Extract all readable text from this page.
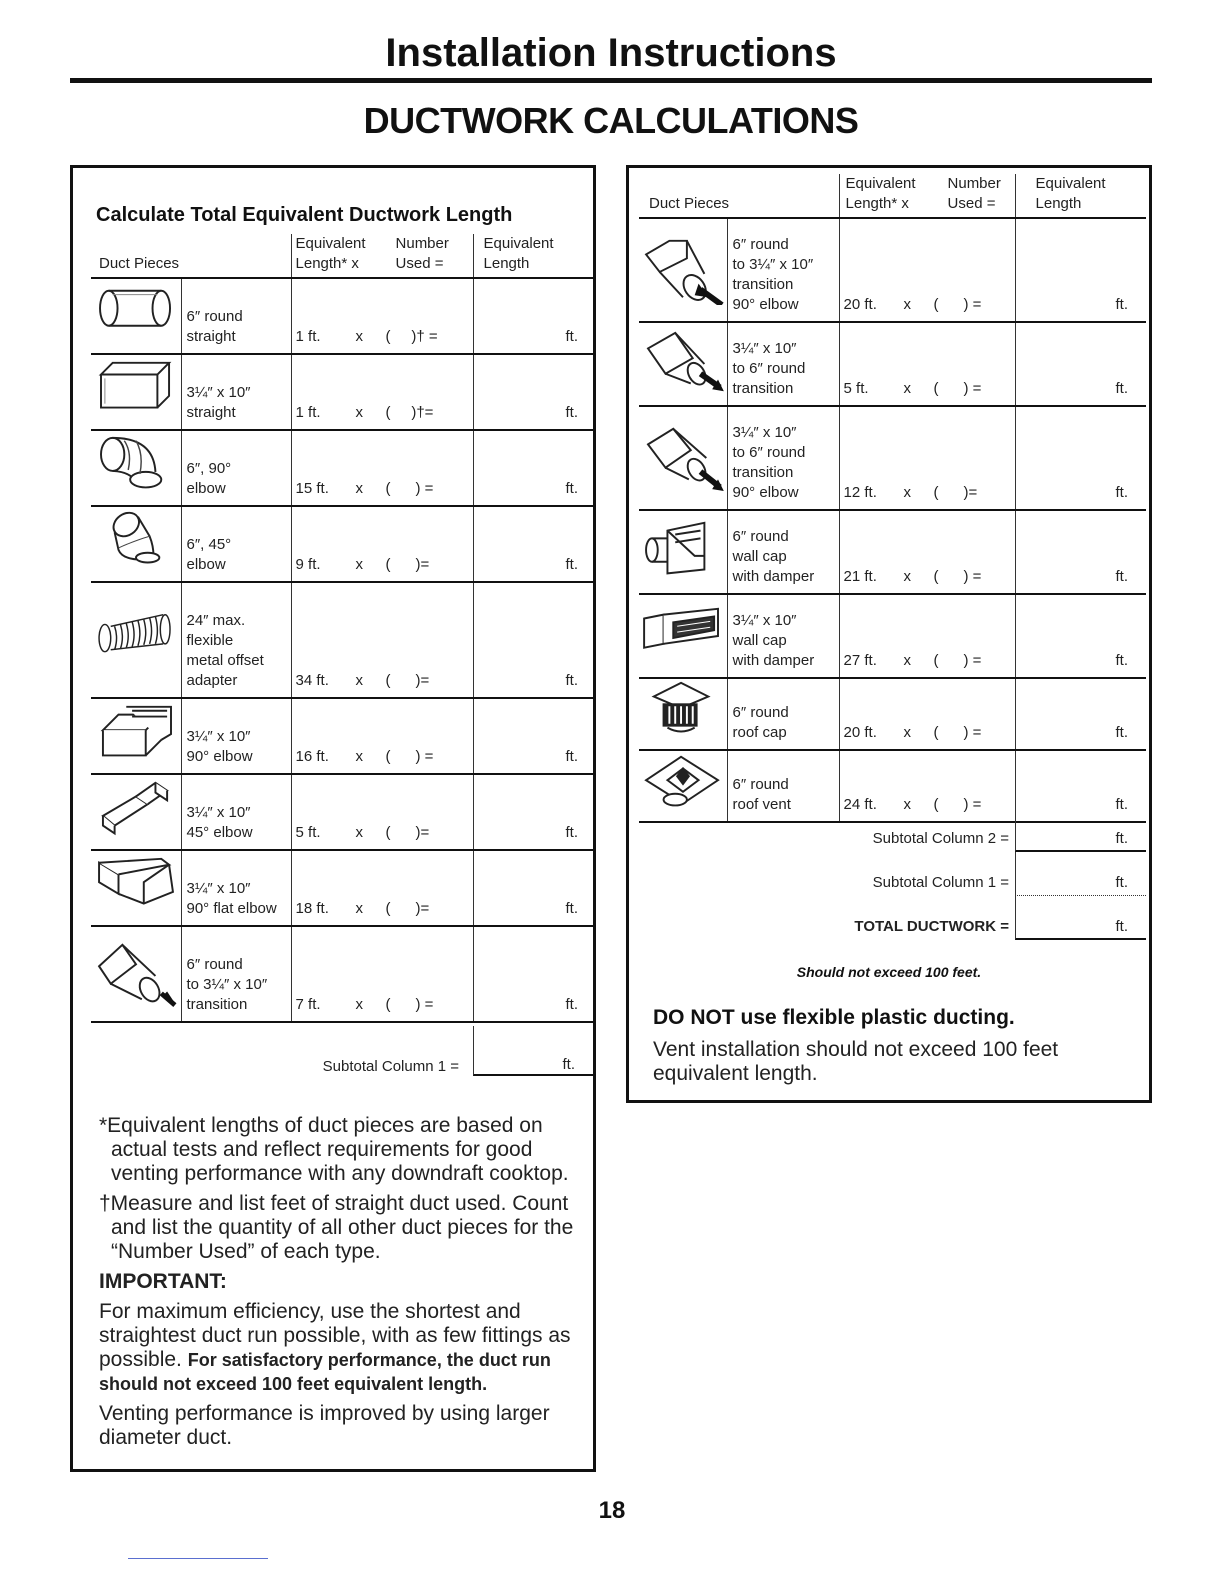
Installation Instructions
DUCTWORK CALCULATIONS
Calculate Total Equivalent Ductwork Length
Duct Pieces		Equivalent Number
Length* x Used =	Equivalent
Length

6″ round
straight	1 ft. x (     )† =	ft.

3¼″ x 10″
straight	1 ft. x (     )†=	ft.

6″, 90°
elbow	15 ft. x (      ) =	ft.

6″, 45°
elbow	9 ft. x (      )=	ft.

24″ max.
flexible
metal offset
adapter	34 ft. x (      )=	ft.

3¼″ x 10″
90° elbow	16 ft. x (      ) =	ft.

3¼″ x 10″
45° elbow	5 ft. x (      )=	ft.

3¼″ x 10″
90° flat elbow	18 ft. x (      )=	ft.

6″ round
to 3¼″ x 10″
transition	7 ft. x (      ) =	ft.
Subtotal Column 1 =	ft.

*Equivalent lengths of duct pieces are based on actual tests and reflect requirements for good venting performance with any downdraft cooktop.

†Measure and list feet of straight duct used. Count and list the quantity of all other duct pieces for the “Number Used” of each type.

IMPORTANT:

For maximum efficiency, use the shortest and straightest duct run possible, with as few fittings as possible. For satisfactory performance, the duct run should not exceed 100 feet equivalent length.

Venting performance is improved by using larger diameter duct.

Duct Pieces		Equivalent Number
Length* x Used =	Equivalent
Length

6″ round
to 3¼″ x 10″
transition
90° elbow	20 ft. x (      ) =	ft.

3¼″ x 10″
to 6″ round
transition	5 ft. x (      ) =	ft.

3¼″ x 10″
to 6″ round
transition
90° elbow	12 ft. x (      )=	ft.

6″ round
wall cap
with damper	21 ft. x (      ) =	ft.

3¼″ x 10″
wall cap
with damper	27 ft. x (      ) =	ft.

6″ round
roof cap	20 ft. x (      ) =	ft.

6″ round
roof vent	24 ft. x (      ) =	ft.
Subtotal Column 2 =	ft.
Subtotal Column 1 =	ft.
TOTAL DUCTWORK =	ft.
Should not exceed 100 feet.
DO NOT use flexible plastic ducting.
Vent installation should not exceed 100 feet equivalent length.
18
